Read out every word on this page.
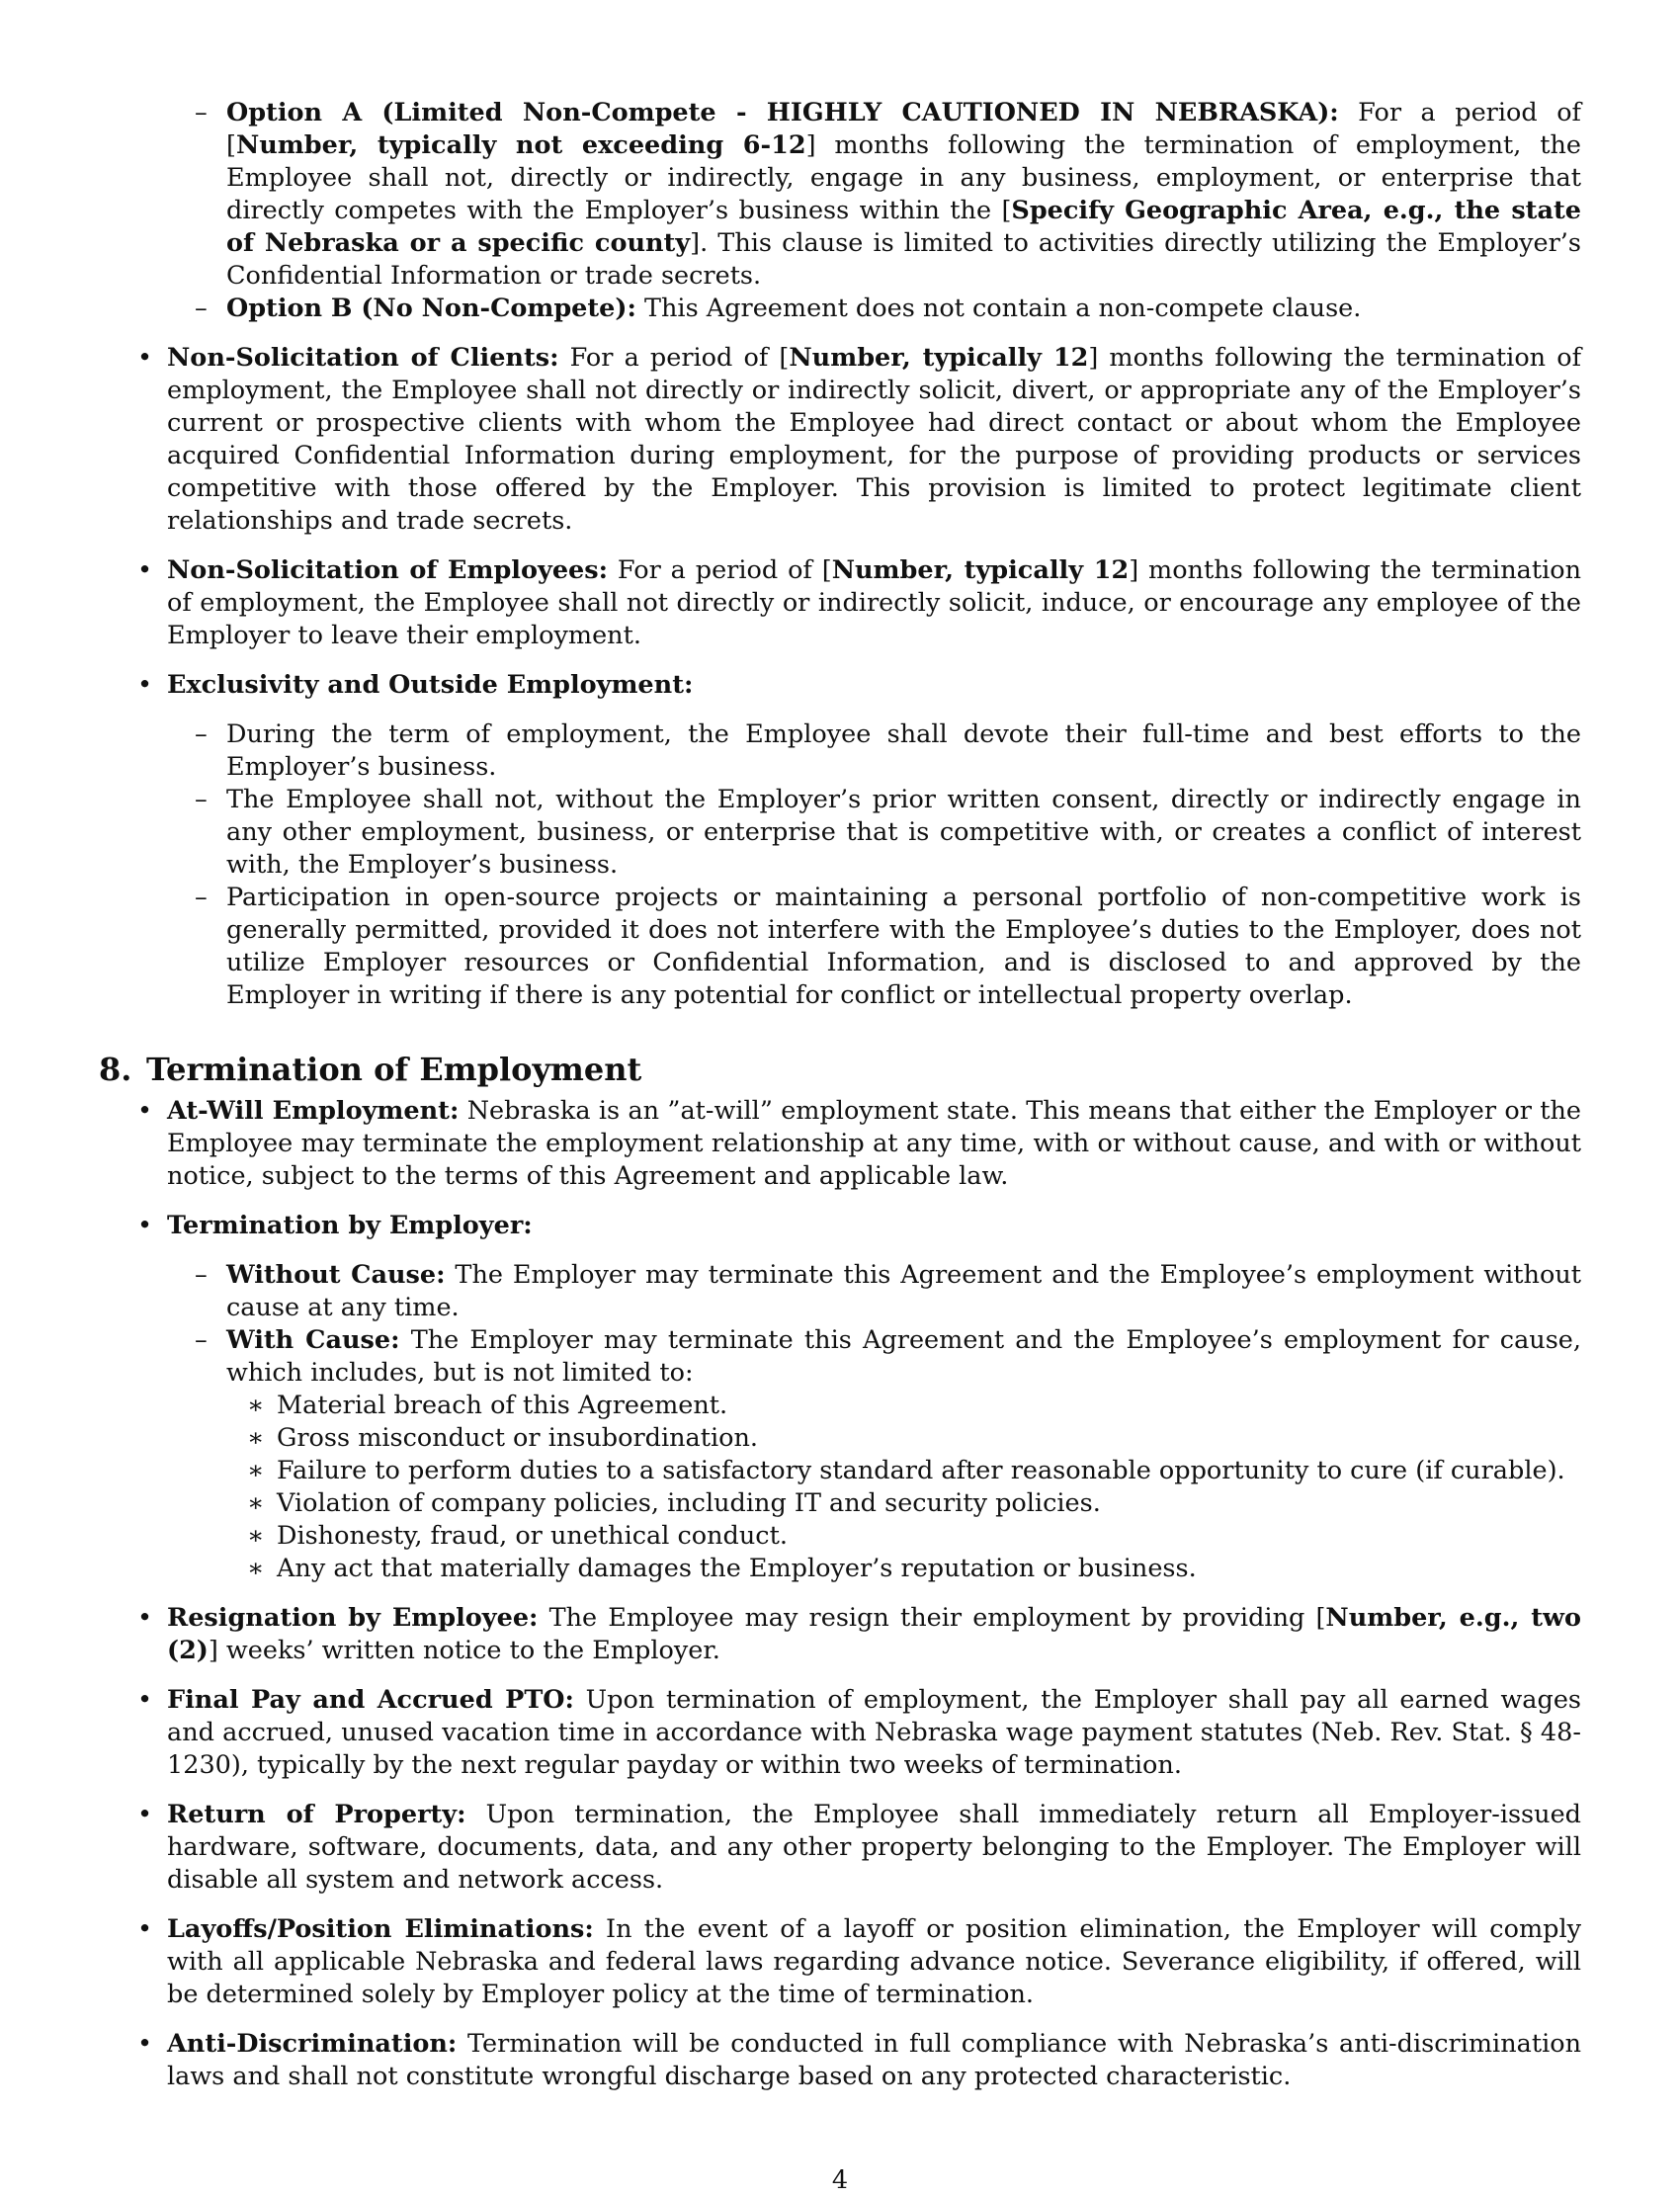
– Option A (Limited Non-Compete - HIGHLY CAUTIONED IN NEBRASKA): For a period of [Number, typically not exceeding 6-12] months following the termination of employment, the Employee shall not, directly or indirectly, engage in any business, employment, or enterprise that directly competes with the Employer’s business within the [Specify Geographic Area, e.g., the state of Nebraska or a specific county]. This clause is limited to activities directly utilizing the Employer’s Confidential Information or trade secrets.
– Option B (No Non-Compete): This Agreement does not contain a non-compete clause.
• Non-Solicitation of Clients: For a period of [Number, typically 12] months following the termination of employment, the Employee shall not directly or indirectly solicit, divert, or appropriate any of the Employer’s current or prospective clients with whom the Employee had direct contact or about whom the Employee acquired Confidential Information during employment, for the purpose of providing products or services competitive with those offered by the Employer. This provision is limited to protect legitimate client relationships and trade secrets.
• Non-Solicitation of Employees: For a period of [Number, typically 12] months following the termination of employment, the Employee shall not directly or indirectly solicit, induce, or encourage any employee of the Employer to leave their employment.
• Exclusivity and Outside Employment:
– During the term of employment, the Employee shall devote their full-time and best efforts to the Employer’s business.
– The Employee shall not, without the Employer’s prior written consent, directly or indirectly engage in any other employment, business, or enterprise that is competitive with, or creates a conflict of interest with, the Employer’s business.
– Participation in open-source projects or maintaining a personal portfolio of non-competitive work is generally permitted, provided it does not interfere with the Employee’s duties to the Employer, does not utilize Employer resources or Confidential Information, and is disclosed to and approved by the Employer in writing if there is any potential for conflict or intellectual property overlap.
8. Termination of Employment
• At-Will Employment: Nebraska is an ”at-will” employment state. This means that either the Employer or the Employee may terminate the employment relationship at any time, with or without cause, and with or without notice, subject to the terms of this Agreement and applicable law.
• Termination by Employer:
– Without Cause: The Employer may terminate this Agreement and the Employee’s employment without cause at any time.
– With Cause: The Employer may terminate this Agreement and the Employee’s employment for cause, which includes, but is not limited to:
∗ Material breach of this Agreement.
∗ Gross misconduct or insubordination.
∗ Failure to perform duties to a satisfactory standard after reasonable opportunity to cure (if curable).
∗ Violation of company policies, including IT and security policies.
∗ Dishonesty, fraud, or unethical conduct.
∗ Any act that materially damages the Employer’s reputation or business.
• Resignation by Employee: The Employee may resign their employment by providing [Number, e.g., two (2)] weeks’ written notice to the Employer.
• Final Pay and Accrued PTO: Upon termination of employment, the Employer shall pay all earned wages and accrued, unused vacation time in accordance with Nebraska wage payment statutes (Neb. Rev. Stat. § 48-1230), typically by the next regular payday or within two weeks of termination.
• Return of Property: Upon termination, the Employee shall immediately return all Employer-issued hardware, software, documents, data, and any other property belonging to the Employer. The Employer will disable all system and network access.
• Layoffs/Position Eliminations: In the event of a layoff or position elimination, the Employer will comply with all applicable Nebraska and federal laws regarding advance notice. Severance eligibility, if offered, will be determined solely by Employer policy at the time of termination.
• Anti-Discrimination: Termination will be conducted in full compliance with Nebraska’s anti-discrimination laws and shall not constitute wrongful discharge based on any protected characteristic.
4
